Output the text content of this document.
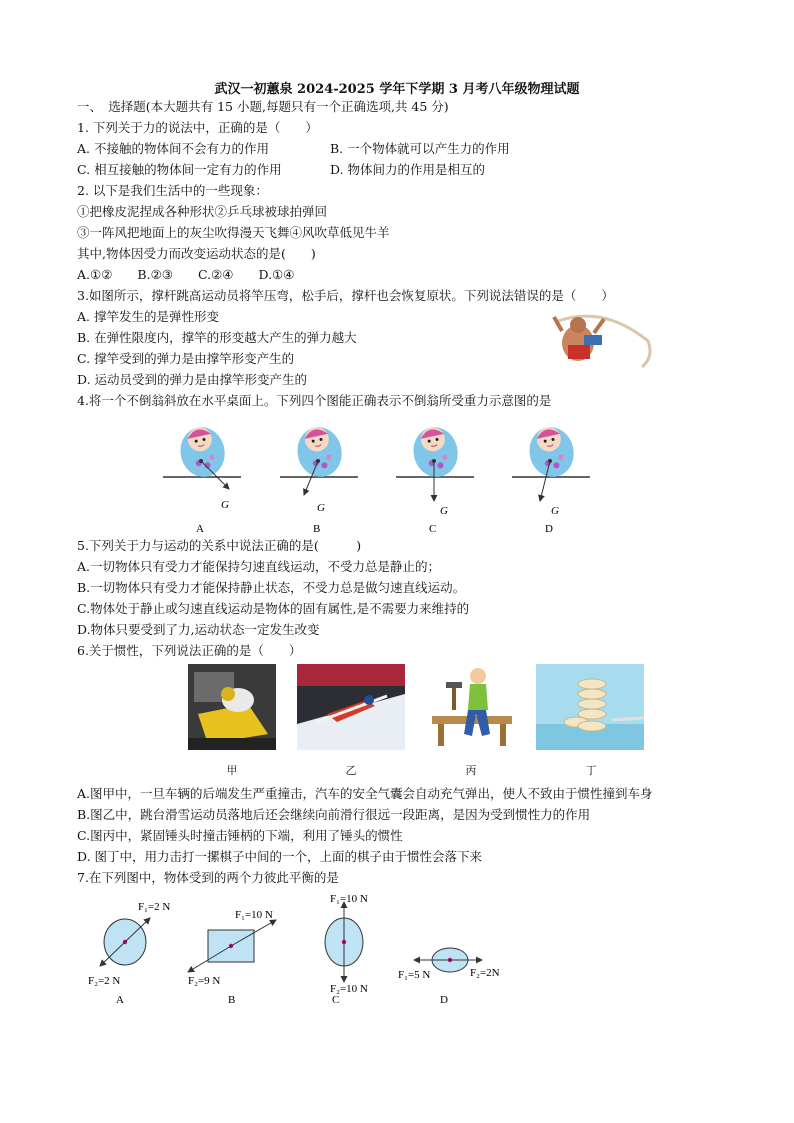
武汉一初蕙泉 2024-2025 学年下学期 3 月考八年级物理试题
一、　选择题(本大题共有 15 小题,每题只有一个正确选项,共 45 分)
1. 下列关于力的说法中，正确的是（　　）
A. 不接触的物体间不会有力的作用	B. 一个物体就可以产生力的作用
C. 相互接触的物体间一定有力的作用	D. 物体间力的作用是相互的
2. 以下是我们生活中的一些现象：
①把橡皮泥捏成各种形状②乒乓球被球拍弹回
③一阵风把地面上的灰尘吹得漫天飞舞④风吹草低见牛羊
其中,物体因受力而改变运动状态的是(　　)
A.①②　　B.②③　　C.②④　　D.①④
3.如图所示，撑杆跳高运动员将竿压弯，松手后，撑杆也会恢复原状。下列说法错误的是（　　）
A. 撑竿发生的是弹性形变
B. 在弹性限度内，撑竿的形变越大产生的弹力越大
C. 撑竿受到的弹力是由撑竿形变产生的
D. 运动员受到的弹力是由撑竿形变产生的
4.将一个不倒翁斜放在水平桌面上。下列四个图能正确表示不倒翁所受重力示意图的是
G
A
G
B
G
C
G
D
5.下列关于力与运动的关系中说法正确的是(　　　)
A.一切物体只有受力才能保持匀速直线运动，不受力总是静止的；
B.一切物体只有受力才能保持静止状态，不受力总是做匀速直线运动。
C.物体处于静止或匀速直线运动是物体的固有属性,是不需要力来维持的
D.物体只要受到了力,运动状态一定发生改变
6.关于惯性，下列说法正确的是（　　）
甲	乙	丙	丁
A.图甲中，一旦车辆的后端发生严重撞击，汽车的安全气囊会自动充气弹出，使人不致由于惯性撞到车身
B.图乙中，跳台滑雪运动员落地后还会继续向前滑行很远一段距离，是因为受到惯性力的作用
C.图丙中，紧固锤头时撞击锤柄的下端，利用了锤头的惯性
D. 图丁中，用力击打一摞棋子中间的一个，上面的棋子由于惯性会落下来
7.在下列图中，物体受到的两个力彼此平衡的是
F₁=2 N
F₂=2 N
F₁=10 N
F₂=9 N
F₁=10 N
F₂=10 N
F₁=5 N	F₂=2N
A	B	C	D
